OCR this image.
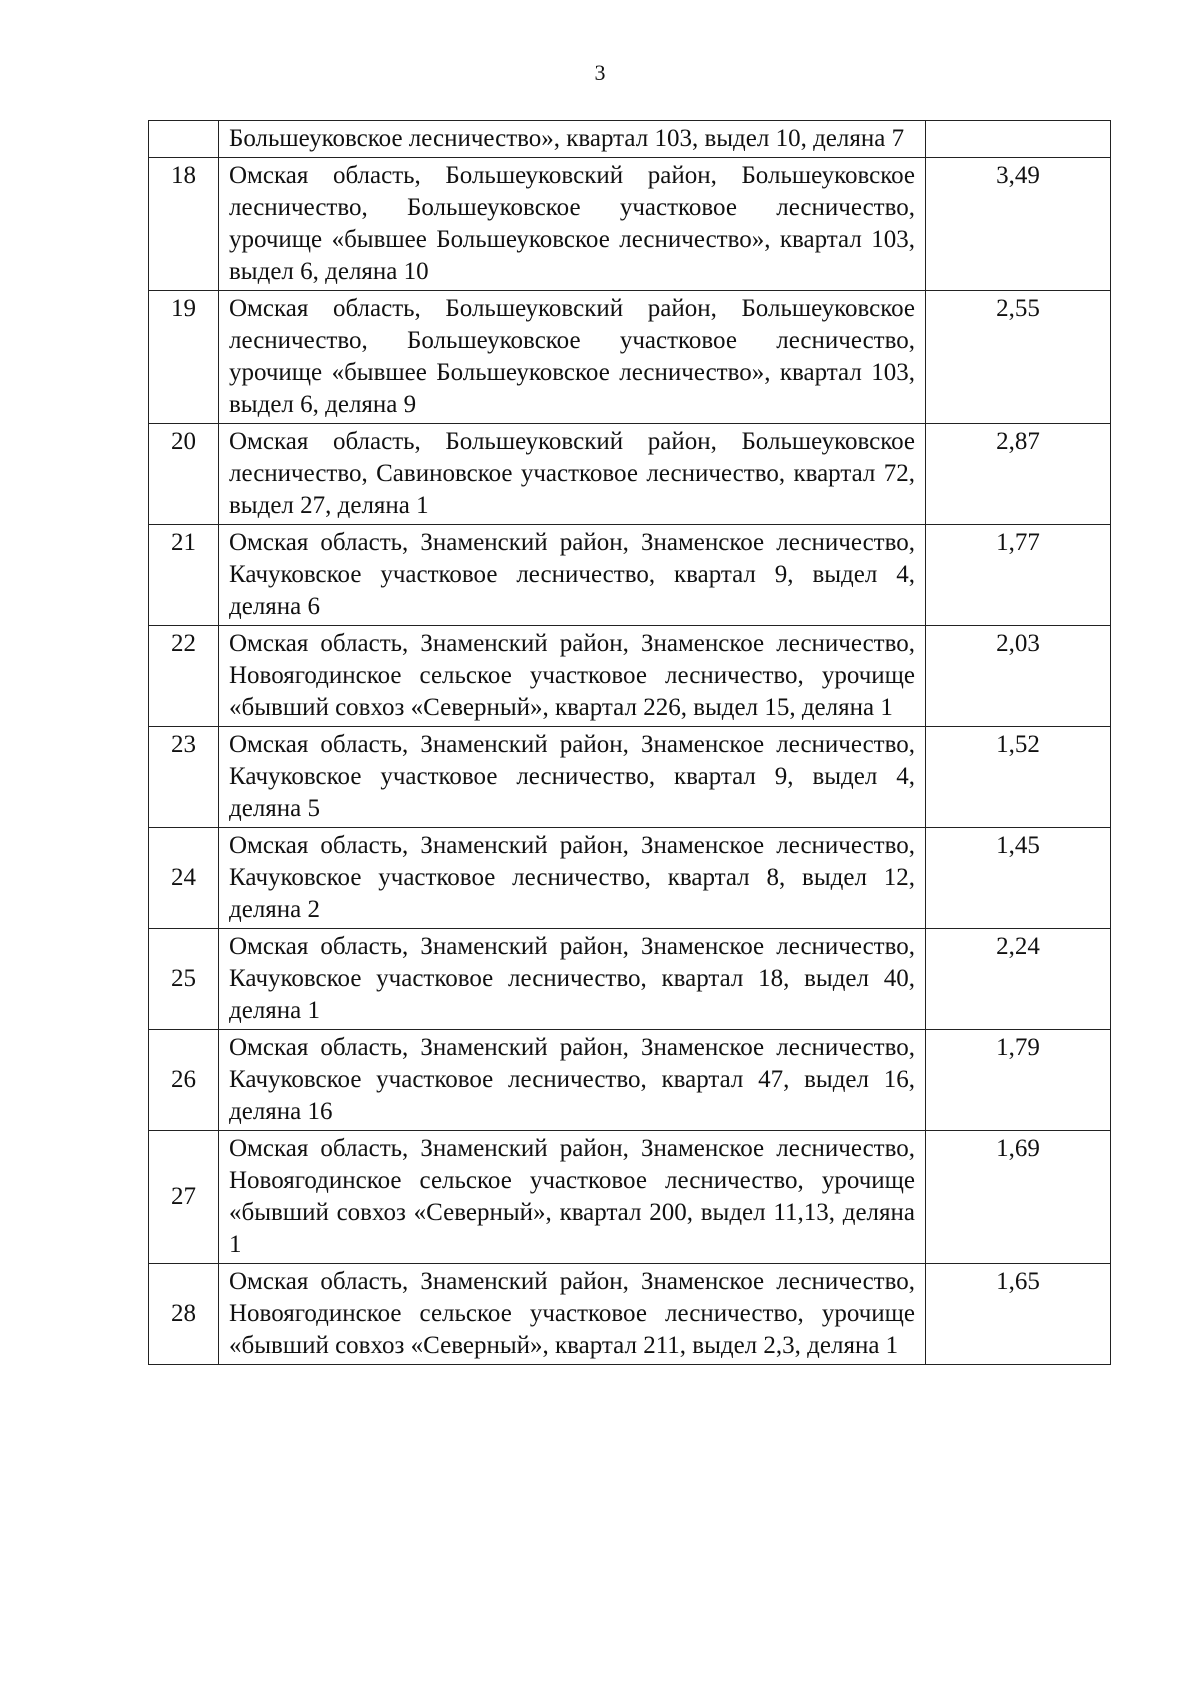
3
	Большеуковское лесничество», квартал 103, выдел 10, деляна 7	
18	Омская область, Большеуковский район, Большеуковское лесничество, Большеуковское участковое лесничество, урочище «бывшее Большеуковское лесничество», квартал 103, выдел 6, деляна 10	3,49
19	Омская область, Большеуковский район, Большеуковское лесничество, Большеуковское участковое лесничество, урочище «бывшее Большеуковское лесничество», квартал 103, выдел 6, деляна 9	2,55
20	Омская область, Большеуковский район, Большеуковское лесничество, Савиновское участковое лесничество, квартал 72, выдел 27, деляна 1	2,87
21	Омская область, Знаменский район, Знаменское лесничество, Качуковское участковое лесничество, квартал 9, выдел 4, деляна 6	1,77
22	Омская область, Знаменский район, Знаменское лесничество, Новоягодинское сельское участковое лесничество, урочище «бывший совхоз «Северный», квартал 226, выдел 15, деляна 1	2,03
23	Омская область, Знаменский район, Знаменское лесничество, Качуковское участковое лесничество, квартал 9, выдел 4, деляна 5	1,52
24	Омская область, Знаменский район, Знаменское лесничество, Качуковское участковое лесничество, квартал 8, выдел 12, деляна 2	1,45
25	Омская область, Знаменский район, Знаменское лесничество, Качуковское участковое лесничество, квартал 18, выдел 40, деляна 1	2,24
26	Омская область, Знаменский район, Знаменское лесничество, Качуковское участковое лесничество, квартал 47, выдел 16, деляна 16	1,79
27	Омская область, Знаменский район, Знаменское лесничество, Новоягодинское сельское участковое лесничество, урочище «бывший совхоз «Северный», квартал 200, выдел 11,13, деляна 1	1,69
28	Омская область, Знаменский район, Знаменское лесничество, Новоягодинское сельское участковое лесничество, урочище «бывший совхоз «Северный», квартал 211, выдел 2,3, деляна 1	1,65
